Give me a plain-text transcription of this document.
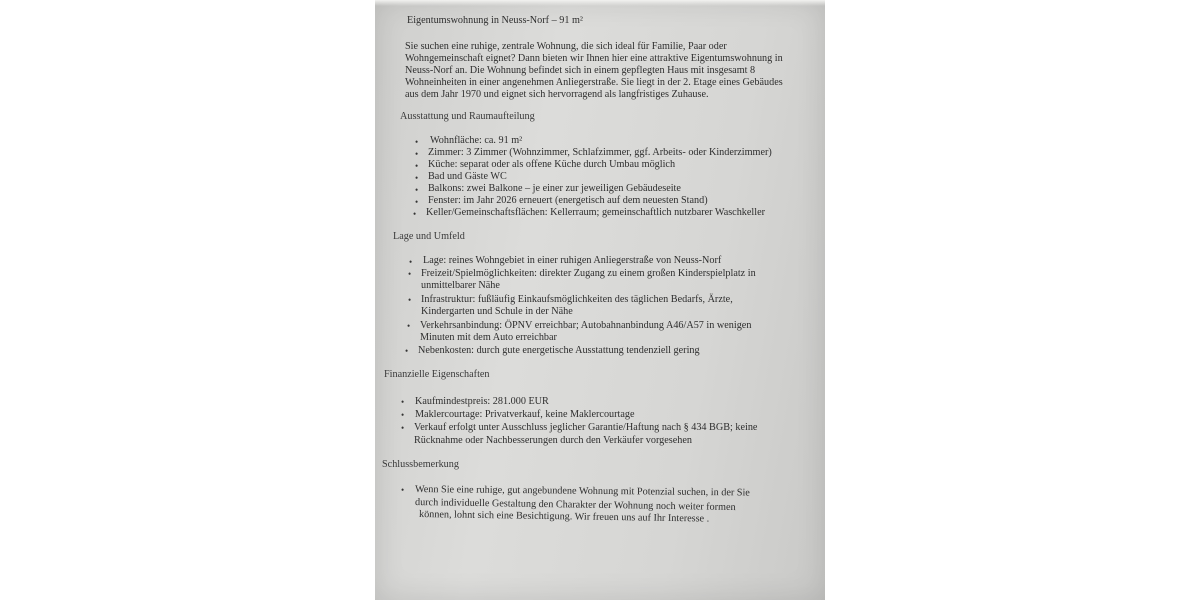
Eigentumswohnung in Neuss-Norf – 91 m²
Sie suchen eine ruhige, zentrale Wohnung, die sich ideal für Familie, Paar oder
Wohngemeinschaft eignet? Dann bieten wir Ihnen hier eine attraktive Eigentumswohnung in
Neuss-Norf an. Die Wohnung befindet sich in einem gepflegten Haus mit insgesamt 8
Wohneinheiten in einer angenehmen Anliegerstraße. Sie liegt in der 2. Etage eines Gebäudes
aus dem Jahr 1970 und eignet sich hervorragend als langfristiges Zuhause.
Ausstattung und Raumaufteilung
• Wohnfläche: ca. 91 m²
• Zimmer: 3 Zimmer (Wohnzimmer, Schlafzimmer, ggf. Arbeits- oder Kinderzimmer)
• Küche: separat oder als offene Küche durch Umbau möglich
• Bad und Gäste WC
• Balkons: zwei Balkone – je einer zur jeweiligen Gebäudeseite
• Fenster: im Jahr 2026 erneuert (energetisch auf dem neuesten Stand)
• Keller/Gemeinschaftsflächen: Kellerraum; gemeinschaftlich nutzbarer Waschkeller
Lage und Umfeld
• Lage: reines Wohngebiet in einer ruhigen Anliegerstraße von Neuss-Norf
• Freizeit/Spielmöglichkeiten: direkter Zugang zu einem großen Kinderspielplatz in
unmittelbarer Nähe
• Infrastruktur: fußläufig Einkaufsmöglichkeiten des täglichen Bedarfs, Ärzte,
Kindergarten und Schule in der Nähe
• Verkehrsanbindung: ÖPNV erreichbar; Autobahnanbindung A46/A57 in wenigen
Minuten mit dem Auto erreichbar
• Nebenkosten: durch gute energetische Ausstattung tendenziell gering
Finanzielle Eigenschaften
• Kaufmindestpreis: 281.000 EUR
• Maklercourtage: Privatverkauf, keine Maklercourtage
• Verkauf erfolgt unter Ausschluss jeglicher Garantie/Haftung nach § 434 BGB; keine
Rücknahme oder Nachbesserungen durch den Verkäufer vorgesehen
Schlussbemerkung
• Wenn Sie eine ruhige, gut angebundene Wohnung mit Potenzial suchen, in der Sie
durch individuelle Gestaltung den Charakter der Wohnung noch weiter formen
können, lohnt sich eine Besichtigung. Wir freuen uns auf Ihr Interesse .
